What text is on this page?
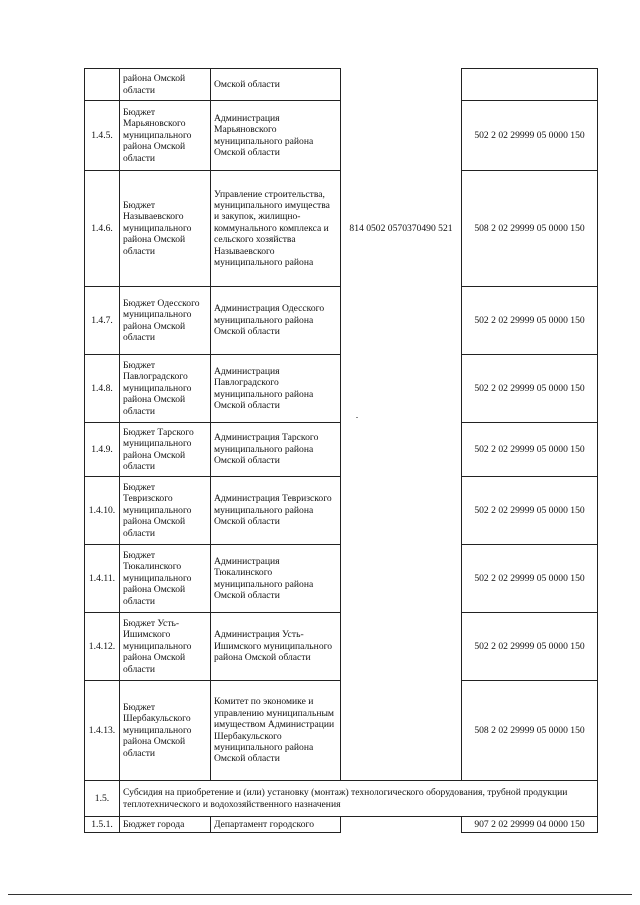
	района Омской области	Омской области		
1.4.5.	Бюджет Марьяновского муниципального района Омской области	Администрация Марьяновского муниципального района Омской области		502 2 02 29999 05 0000 150
1.4.6.	Бюджет Называевского муниципального района Омской области	Управление строительства, муниципального имущества и закупок, жилищно-коммунального комплекса и сельского хозяйства Называевского муниципального района	814 0502 0570370490 521	508 2 02 29999 05 0000 150
1.4.7.	Бюджет Одесского муниципального района Омской области	Администрация Одесского муниципального района Омской области		502 2 02 29999 05 0000 150
1.4.8.	Бюджет Павлоградского муниципального района Омской области	Администрация Павлоградского муниципального района Омской области		502 2 02 29999 05 0000 150
1.4.9.	Бюджет Тарского муниципального района Омской области	Администрация Тарского муниципального района Омской области		502 2 02 29999 05 0000 150
1.4.10.	Бюджет Тевризского муниципального района Омской области	Администрация Тевризского муниципального района Омской области		502 2 02 29999 05 0000 150
1.4.11.	Бюджет Тюкалинского муниципального района Омской области	Администрация Тюкалинского муниципального района Омской области		502 2 02 29999 05 0000 150
1.4.12.	Бюджет Усть-Ишимского муниципального района Омской области	Администрация Усть-Ишимского муниципального района Омской области		502 2 02 29999 05 0000 150
1.4.13.	Бюджет Шербакульского муниципального района Омской области	Комитет по экономике и управлению муниципальным имуществом Администрации Шербакульского муниципального района Омской области		508 2 02 29999 05 0000 150
1.5.	Субсидия на приобретение и (или) установку (монтаж) технологического оборудования, трубной продукции теплотехнического и водохозяйственного назначения			
1.5.1.	Бюджет города	Департамент городского		907 2 02 29999 04 0000 150
